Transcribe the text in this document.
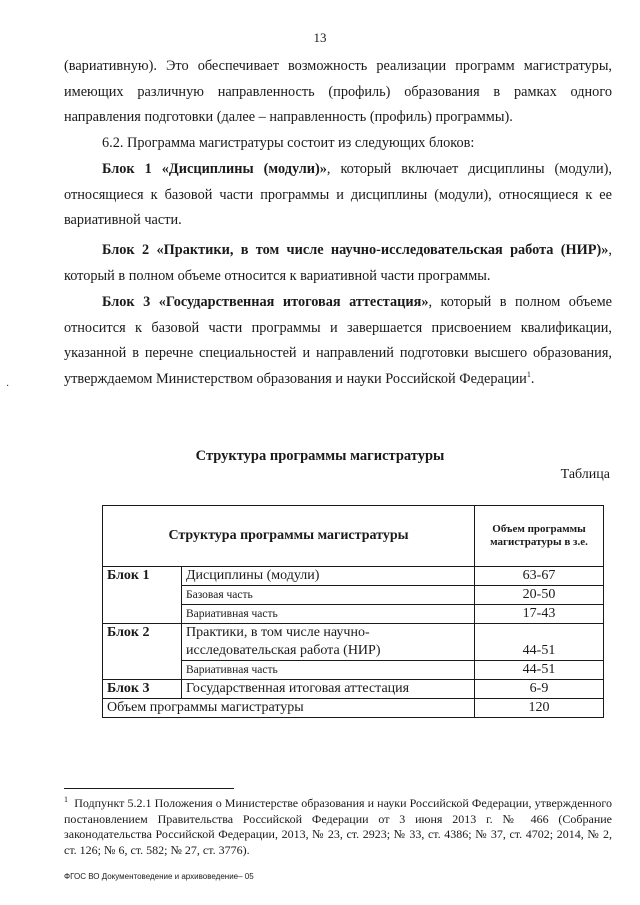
13
·
(вариативную). Это обеспечивает возможность реализации программ магистратуры, имеющих различную направленность (профиль) образования в рамках одного направления подготовки (далее – направленность (профиль) программы).
6.2. Программа магистратуры состоит из следующих блоков:
Блок 1 «Дисциплины (модули)», который включает дисциплины (модули), относящиеся к базовой части программы и дисциплины (модули), относящиеся к ее вариативной части.
Блок 2 «Практики, в том числе научно-исследовательская работа (НИР)», который в полном объеме относится к вариативной части программы.
Блок 3 «Государственная итоговая аттестация», который в полном объеме относится к базовой части программы и завершается присвоением квалификации, указанной в перечне специальностей и направлений подготовки высшего образования, утверждаемом Министерством образования и науки Российской Федерации$^1$.
Структура программы магистратуры
Таблица
Структура программы магистратуры		Объем программы магистратуры в з.е.
Блок 1	Дисциплины (модули)	63-67
	Базовая часть	20-50
	Вариативная часть	17-43
Блок 2	Практики, в том числе научно-исследовательская работа (НИР)	44-51
	Вариативная часть	44-51
Блок 3	Государственная итоговая аттестация	6-9
Объем программы магистратуры		120
$^1$ Подпункт 5.2.1 Положения о Министерстве образования и науки Российской Федерации, утвержденного постановлением Правительства Российской Федерации от 3 июня 2013 г. № 466 (Собрание законодательства Российской Федерации, 2013, № 23, ст. 2923; № 33, ст. 4386; № 37, ст. 4702; 2014, № 2, ст. 126; № 6, ст. 582; № 27, ст. 3776).
ФГОС ВО Документоведение и архивоведение– 05
